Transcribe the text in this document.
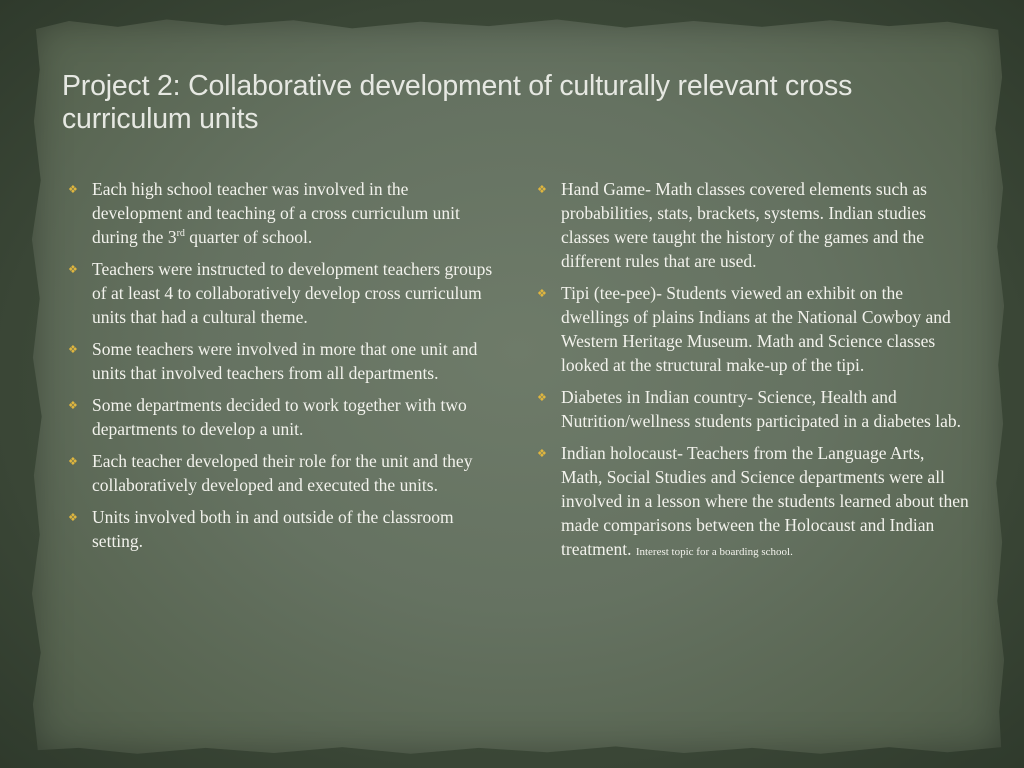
Project 2: Collaborative development of culturally relevant cross curriculum units
❖ Each high school teacher was involved in the development and teaching of a cross curriculum unit during the 3rd quarter of school.
❖ Teachers were instructed to development teachers groups of at least 4 to collaboratively develop cross curriculum units that had a cultural theme.
❖ Some teachers were involved in more that one unit and units that involved teachers from all departments.
❖ Some departments decided to work together with two departments to develop a unit.
❖ Each teacher developed their role for the unit and they collaboratively developed and executed the units.
❖ Units involved both in and outside of the classroom setting.
❖ Hand Game- Math classes covered elements such as probabilities, stats, brackets, systems. Indian studies classes were taught the history of the games and the different rules that are used.
❖ Tipi (tee-pee)- Students viewed an exhibit on the dwellings of plains Indians at the National Cowboy and Western Heritage Museum. Math and Science classes looked at the structural make-up of the tipi.
❖ Diabetes in Indian country- Science, Health and Nutrition/wellness students participated in a diabetes lab.
❖ Indian holocaust- Teachers from the Language Arts, Math, Social Studies and Science departments were all involved in a lesson where the students learned about then made comparisons between the Holocaust and Indian treatment. Interest topic for a boarding school.
